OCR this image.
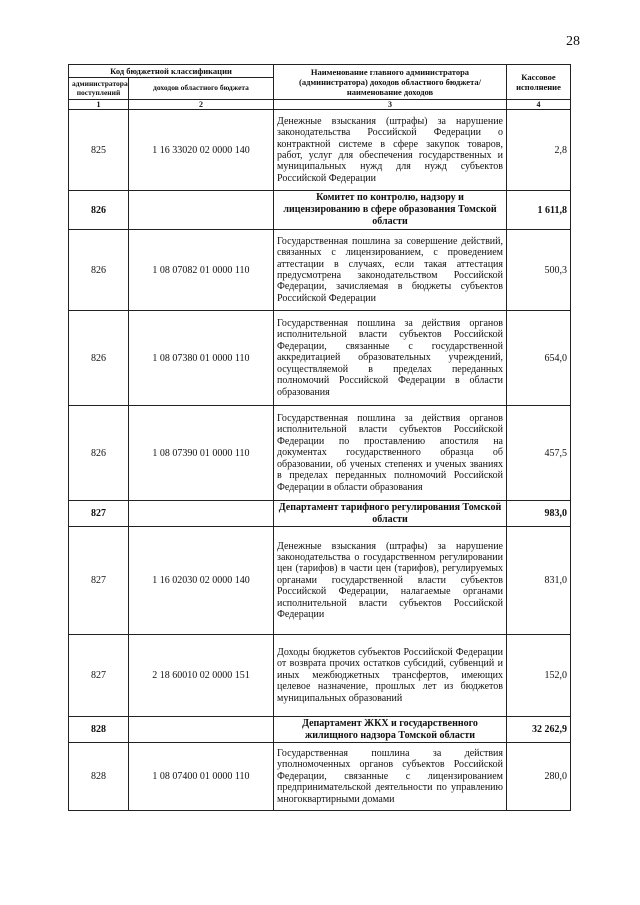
28
Код бюджетной классификации		Наименование главного администратора (администратора) доходов областного бюджета/ наименование доходов	Кассовое исполнение
администратора поступлений	доходов областного бюджета		
1	2	3	4
825	1 16 33020 02 0000 140	Денежные взыскания (штрафы) за нарушение законодательства Российской Федерации о контрактной системе в сфере закупок товаров, работ, услуг для обеспечения государственных и муниципальных нужд для нужд субъектов Российской Федерации	2,8
826		Комитет по контролю, надзору и лицензированию в сфере образования Томской области	1 611,8
826	1 08 07082 01 0000 110	Государственная пошлина за совершение действий, связанных с лицензированием, с проведением аттестации в случаях, если такая аттестация предусмотрена законодательством Российской Федерации, зачисляемая в бюджеты субъектов Российской Федерации	500,3
826	1 08 07380 01 0000 110	Государственная пошлина за действия органов исполнительной власти субъектов Российской Федерации, связанные с государственной аккредитацией образовательных учреждений, осуществляемой в пределах переданных полномочий Российской Федерации в области образования	654,0
826	1 08 07390 01 0000 110	Государственная пошлина за действия органов исполнительной власти субъектов Российской Федерации по проставлению апостиля на документах государственного образца об образовании, об ученых степенях и ученых званиях в пределах переданных полномочий Российской Федерации в области образования	457,5
827		Департамент тарифного регулирования Томской области	983,0
827	1 16 02030 02 0000 140	Денежные взыскания (штрафы) за нарушение законодательства о государственном регулировании цен (тарифов) в части цен (тарифов), регулируемых органами государственной власти субъектов Российской Федерации, налагаемые органами исполнительной власти субъектов Российской Федерации	831,0
827	2 18 60010 02 0000 151	Доходы бюджетов субъектов Российской Федерации от возврата прочих остатков субсидий, субвенций и иных межбюджетных трансфертов, имеющих целевое назначение, прошлых лет из бюджетов муниципальных образований	152,0
828		Департамент ЖКХ и государственного жилищного надзора Томской области	32 262,9
828	1 08 07400 01 0000 110	Государственная пошлина за действия уполномоченных органов субъектов Российской Федерации, связанные с лицензированием предпринимательской деятельности по управлению многоквартирными домами	280,0
